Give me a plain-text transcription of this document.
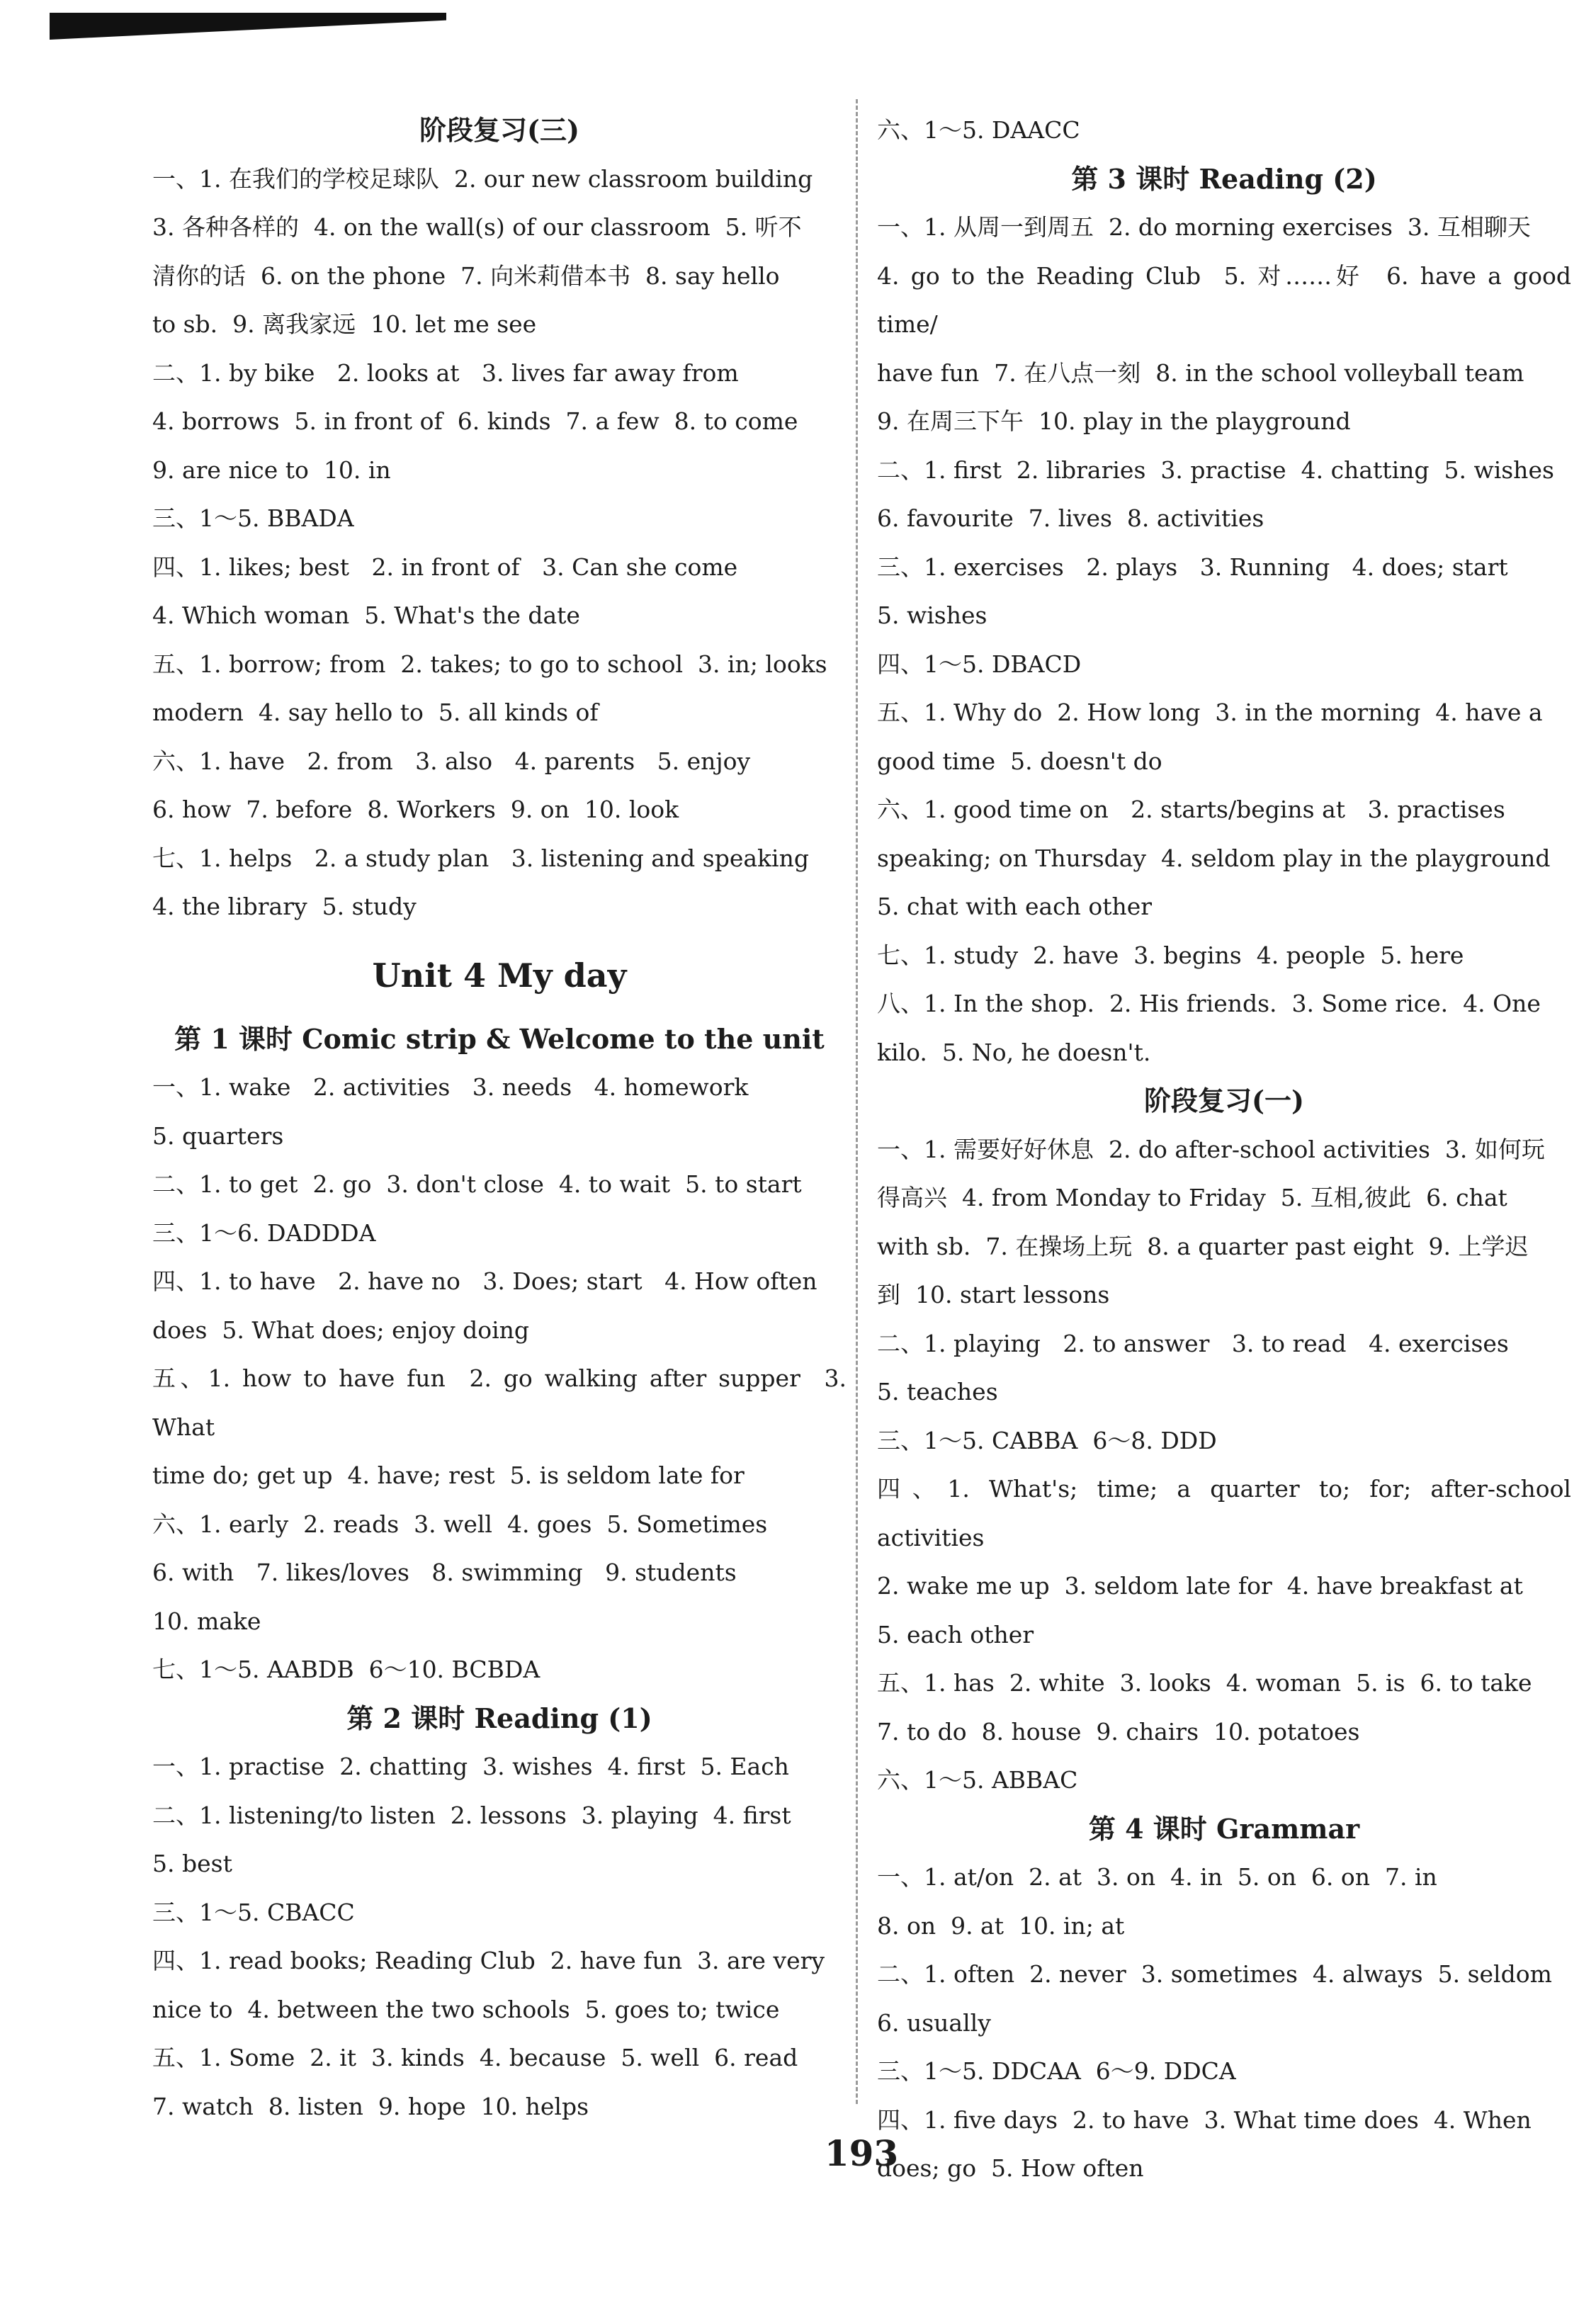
阶段复习(三)
一、1. 在我们的学校足球队  2. our new classroom building
3. 各种各样的  4. on the wall(s) of our classroom  5. 听不
清你的话  6. on the phone  7. 向米莉借本书  8. say hello
to sb.  9. 离我家远  10. let me see
二、1. by bike   2. looks at   3. lives far away from
4. borrows  5. in front of  6. kinds  7. a few  8. to come
9. are nice to  10. in
三、1～5. BBADA
四、1. likes; best   2. in front of   3. Can she come
4. Which woman  5. What's the date
五、1. borrow; from  2. takes; to go to school  3. in; looks
modern  4. say hello to  5. all kinds of
六、1. have   2. from   3. also   4. parents   5. enjoy
6. how  7. before  8. Workers  9. on  10. look
七、1. helps   2. a study plan   3. listening and speaking
4. the library  5. study
Unit 4 My day
第 1 课时 Comic strip & Welcome to the unit
一、1. wake   2. activities   3. needs   4. homework
5. quarters
二、1. to get  2. go  3. don't close  4. to wait  5. to start
三、1～6. DADDDA
四、1. to have   2. have no   3. Does; start   4. How often
does  5. What does; enjoy doing
五、1. how to have fun  2. go walking after supper  3. What
time do; get up  4. have; rest  5. is seldom late for
六、1. early  2. reads  3. well  4. goes  5. Sometimes
6. with   7. likes/loves   8. swimming   9. students
10. make
七、1～5. AABDB  6～10. BCBDA
第 2 课时 Reading (1)
一、1. practise  2. chatting  3. wishes  4. first  5. Each
二、1. listening/to listen  2. lessons  3. playing  4. first
5. best
三、1～5. CBACC
四、1. read books; Reading Club  2. have fun  3. are very
nice to  4. between the two schools  5. goes to; twice
五、1. Some  2. it  3. kinds  4. because  5. well  6. read
7. watch  8. listen  9. hope  10. helps
六、1～5. DAACC
第 3 课时 Reading (2)
一、1. 从周一到周五  2. do morning exercises  3. 互相聊天
4. go to the Reading Club  5. 对……好  6. have a good time/
have fun  7. 在八点一刻  8. in the school volleyball team
9. 在周三下午  10. play in the playground
二、1. first  2. libraries  3. practise  4. chatting  5. wishes
6. favourite  7. lives  8. activities
三、1. exercises   2. plays   3. Running   4. does; start
5. wishes
四、1～5. DBACD
五、1. Why do  2. How long  3. in the morning  4. have a
good time  5. doesn't do
六、1. good time on   2. starts/begins at   3. practises
speaking; on Thursday  4. seldom play in the playground
5. chat with each other
七、1. study  2. have  3. begins  4. people  5. here
八、1. In the shop.  2. His friends.  3. Some rice.  4. One
kilo.  5. No, he doesn't.
阶段复习(一)
一、1. 需要好好休息  2. do after-school activities  3. 如何玩
得高兴  4. from Monday to Friday  5. 互相,彼此  6. chat
with sb.  7. 在操场上玩  8. a quarter past eight  9. 上学迟
到  10. start lessons
二、1. playing   2. to answer   3. to read   4. exercises
5. teaches
三、1～5. CABBA  6～8. DDD
四、1. What's; time; a quarter to; for; after-school activities
2. wake me up  3. seldom late for  4. have breakfast at
5. each other
五、1. has  2. white  3. looks  4. woman  5. is  6. to take
7. to do  8. house  9. chairs  10. potatoes
六、1～5. ABBAC
第 4 课时 Grammar
一、1. at/on  2. at  3. on  4. in  5. on  6. on  7. in
8. on  9. at  10. in; at
二、1. often  2. never  3. sometimes  4. always  5. seldom
6. usually
三、1～5. DDCAA  6～9. DDCA
四、1. five days  2. to have  3. What time does  4. When
does; go  5. How often
193
